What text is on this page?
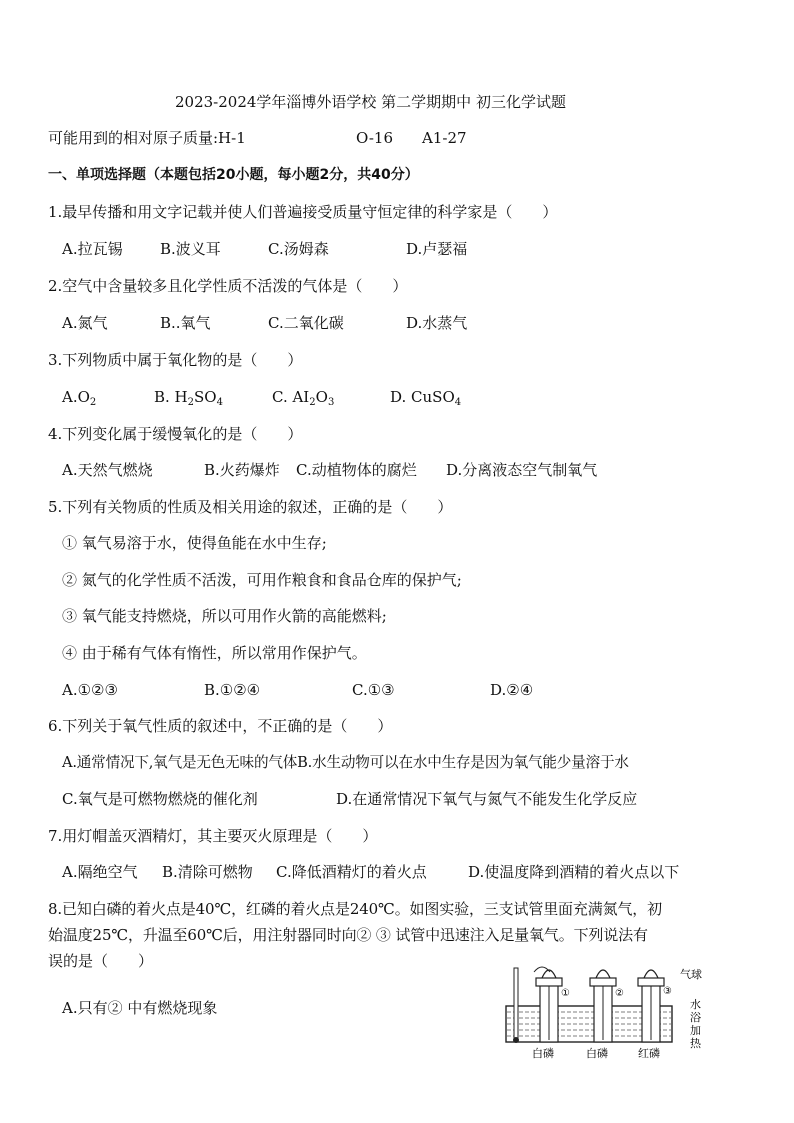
2023-2024学年淄博外语学校 第二学期期中 初三化学试题
可能用到的相对原子质量:H-1	O-16 A1-27
一、单项选择题（本题包括20小题，每小题2分，共40分）
1.最早传播和用文字记载并使人们普遍接受质量守恒定律的科学家是（　　）
A.拉瓦锡 B.波义耳	C.汤姆森	D.卢瑟福
2.空气中含量较多且化学性质不活泼的气体是（　　）
A.氮气	B..氧气	C.二氧化碳	D.水蒸气
3.下列物质中属于氧化物的是（　　）
$A.O_2$	B. $H_2SO_4$	C. $AI_2O_3$	D. CuSO$_4$
4.下列变化属于缓慢氧化的是（　　）
A.天然气燃烧	B.火药爆炸 C.动植物体的腐烂 D.分离液态空气制氧气
5.下列有关物质的性质及相关用途的叙述，正确的是（　　）
① 氧气易溶于水，使得鱼能在水中生存;
② 氮气的化学性质不活泼，可用作粮食和食品仓库的保护气;
③ 氧气能支持燃烧，所以可用作火箭的高能燃料;
④ 由于稀有气体有惰性，所以常用作保护气。
A.①②③	B.①②④	C.①③	D.②④
6.下列关于氧气性质的叙述中，不正确的是（　　）
A.通常情况下,氧气是无色无味的气体B.水生动物可以在水中生存是因为氧气能少量溶于水
C.氧气是可燃物燃烧的催化剂	D.在通常情况下氧气与氮气不能发生化学反应
7.用灯帽盖灭酒精灯，其主要灭火原理是（　　）
A.隔绝空气 B.清除可燃物 C.降低酒精灯的着火点	D.使温度降到酒精的着火点以下
8.已知白磷的着火点是40℃，红磷的着火点是240℃。如图实验，三支试管里面充满氮气，初
始温度25℃，升温至60℃后，用注射器同时向② ③ 试管中迅速注入足量氧气。下列说法有
误的是（　　）
A.只有② 中有燃烧现象
①	②	③
气球
水
浴
加
热
白磷	白磷	红磷
